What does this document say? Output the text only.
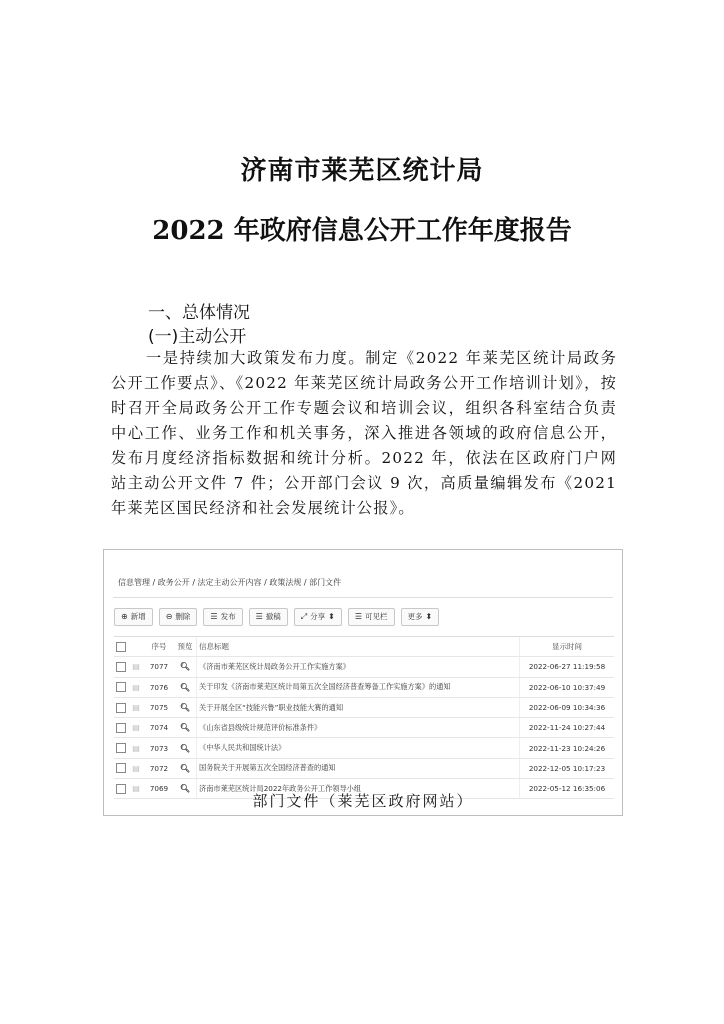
济南市莱芜区统计局
2022 年政府信息公开工作年度报告
一、总体情况
(一)主动公开
一是持续加大政策发布力度。制定《2022 年莱芜区统计局政务公开工作要点》、《2022 年莱芜区统计局政务公开工作培训计划》，按时召开全局政务公开工作专题会议和培训会议，组织各科室结合负责中心工作、业务工作和机关事务，深入推进各领域的政府信息公开，发布月度经济指标数据和统计分析。2022 年，依法在区政府门户网站主动公开文件 7 件；公开部门会议 9 次，高质量编辑发布《2021 年莱芜区国民经济和社会发展统计公报》。
信息管理 / 政务公开 / 法定主动公开内容 / 政策法规 / 部门文件
⊕ 新增	⊖ 删除	☰ 发布	☰ 撤稿	⤢ 分享 ⬍	☰ 可见栏	更多 ⬍
序号	预览 信息标题	显示时间
▤	7077	🔍︎	《济南市莱芜区统计局政务公开工作实施方案》	2022-06-27 11:19:58
▤	7076	🔍︎	关于印发《济南市莱芜区统计局第五次全国经济普查筹备工作实施方案》的通知	2022-06-10 10:37:49
▤	7075	🔍︎	关于开展全区“技能兴鲁”职业技能大赛的通知	2022-06-09 10:34:36
▤	7074	🔍︎	《山东省县级统计规范评价标准条件》	2022-11-24 10:27:44
▤	7073	🔍︎	《中华人民共和国统计法》	2022-11-23 10:24:26
▤	7072	🔍︎	国务院关于开展第五次全国经济普查的通知	2022-12-05 10:17:23
▤	7069	🔍︎	济南市莱芜区统计局2022年政务公开工作领导小组	2022-05-12 16:35:06
部门文件（莱芜区政府网站）
